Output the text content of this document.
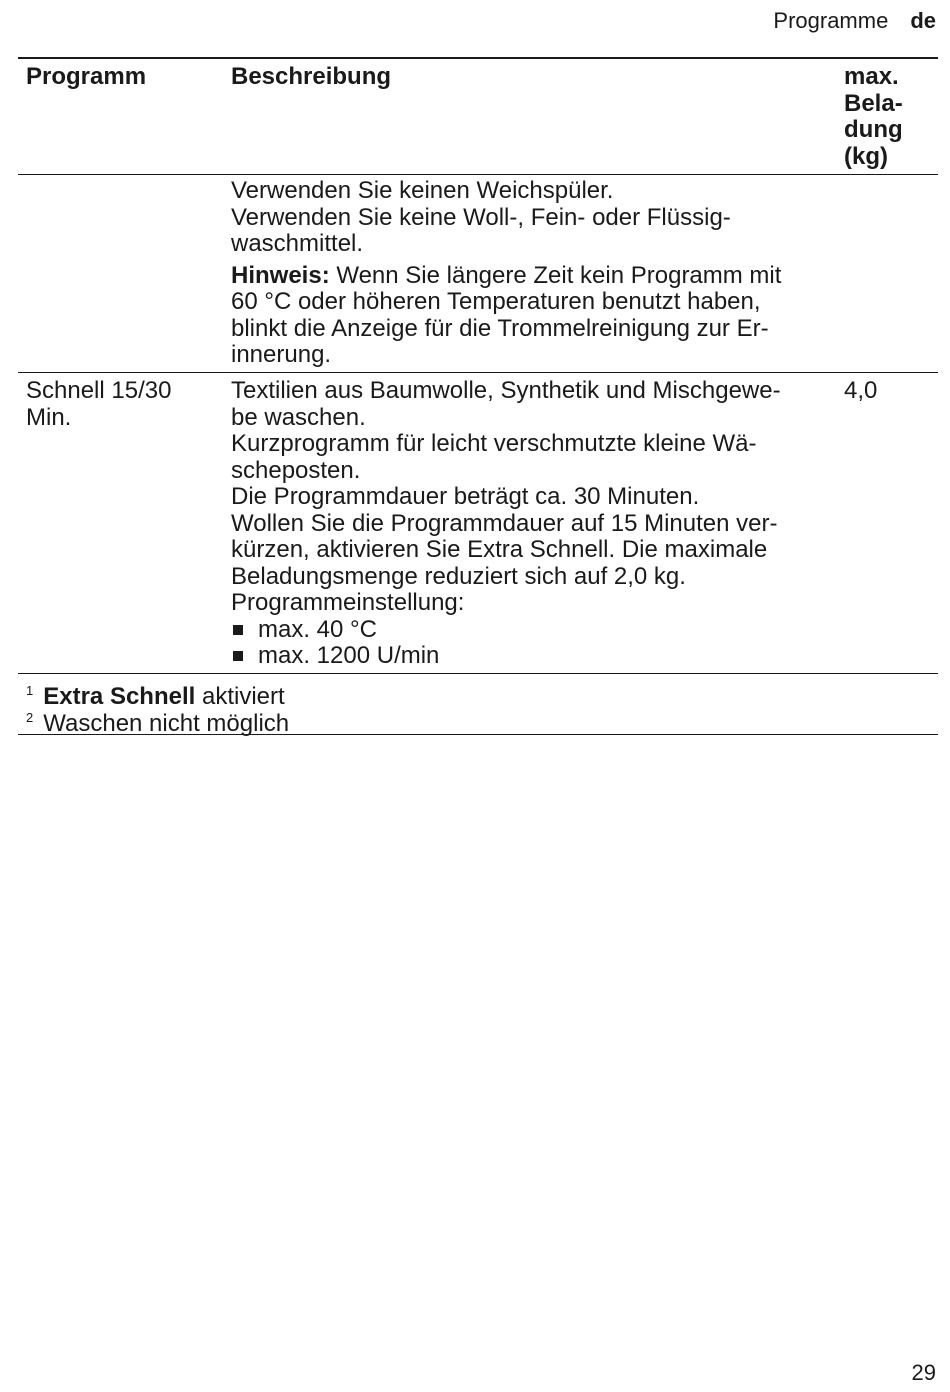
Programme de
Programm	Beschreibung	max.
Bela-
dung
(kg)

Verwenden Sie keinen Weichspüler.

Verwenden Sie keine Woll-, Fein- oder Flüssig-

waschmittel.

Hinweis: Wenn Sie längere Zeit kein Programm mit

60 °C oder höheren Temperaturen benutzt haben,

blinkt die Anzeige für die Trommelreinigung zur Er-

innerung.

Schnell 15/30
Min.

Textilien aus Baumwolle, Synthetik und Mischgewe-

be waschen.

Kurzprogramm für leicht verschmutzte kleine Wä-

scheposten.

Die Programmdauer beträgt ca. 30 Minuten.

Wollen Sie die Programmdauer auf 15 Minuten ver-

kürzen, aktivieren Sie Extra Schnell. Die maximale

Beladungsmenge reduziert sich auf 2,0 kg.

Programmeinstellung:

max. 40 °C
max. 1200 U/min
4,0
$^1$ Extra Schnell aktiviert
$^2$ Waschen nicht möglich
29
